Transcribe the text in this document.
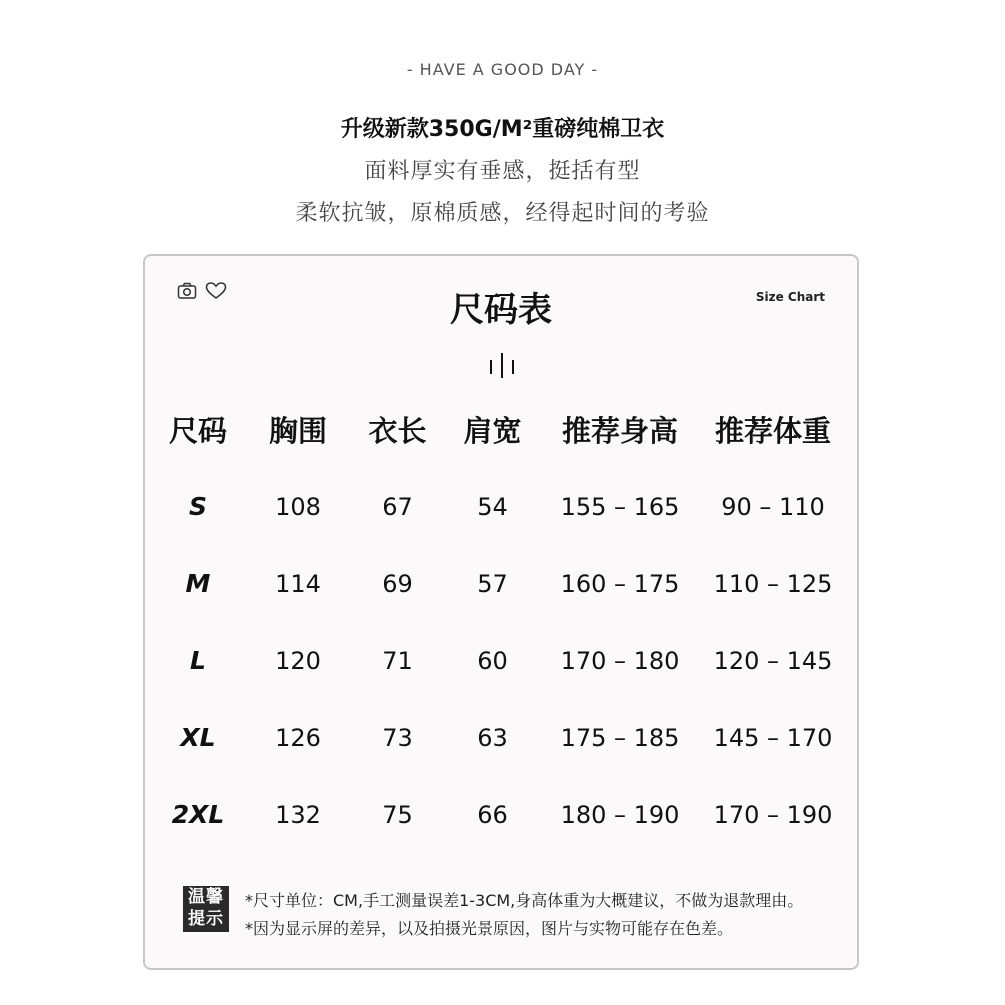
- HAVE A GOOD DAY -
升级新款350G/M²重磅纯棉卫衣
面料厚实有垂感，挺括有型
柔软抗皱，原棉质感，经得起时间的考验
尺码表	Size Chart
尺码	胸围	衣长	肩宽	推荐身高	推荐体重
S	108	67	54	155 – 165	90 – 110
M	114	69	57	160 – 175	110 – 125
L	120	71	60	170 – 180	120 – 145
XL	126	73	63	175 – 185	145 – 170
2XL	132	75	66	180 – 190	170 – 190
温馨
提示
*尺寸单位：CM,手工测量误差1-3CM,身高体重为大概建议，不做为退款理由。
*因为显示屏的差异，以及拍摄光景原因，图片与实物可能存在色差。
